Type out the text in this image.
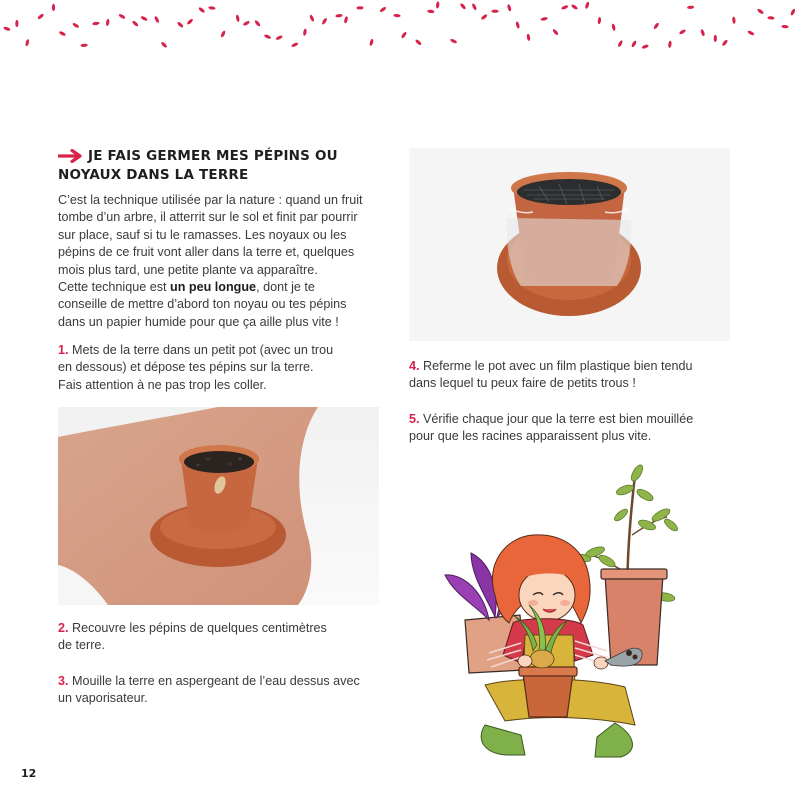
JE FAIS GERMER MES PÉPINS OU NOYAUX DANS LA TERRE
C’est la technique utilisée par la nature : quand un fruit
tombe d’un arbre, il atterrit sur le sol et finit par pourrir
sur place, sauf si tu le ramasses. Les noyaux ou les
pépins de ce fruit vont aller dans la terre et, quelques
mois plus tard, une petite plante va apparaître.
Cette technique est un peu longue, dont je te
conseille de mettre d’abord ton noyau ou tes pépins
dans un papier humide pour que ça aille plus vite !
1. Mets de la terre dans un petit pot (avec un trou
en dessous) et dépose tes pépins sur la terre.
Fais attention à ne pas trop les coller.
2. Recouvre les pépins de quelques centimètres
de terre.
3. Mouille la terre en aspergeant de l’eau dessus avec
un vaporisateur.
4. Referme le pot avec un film plastique bien tendu
dans lequel tu peux faire de petits trous !
5. Vérifie chaque jour que la terre est bien mouillée
pour que les racines apparaissent plus vite.
12
